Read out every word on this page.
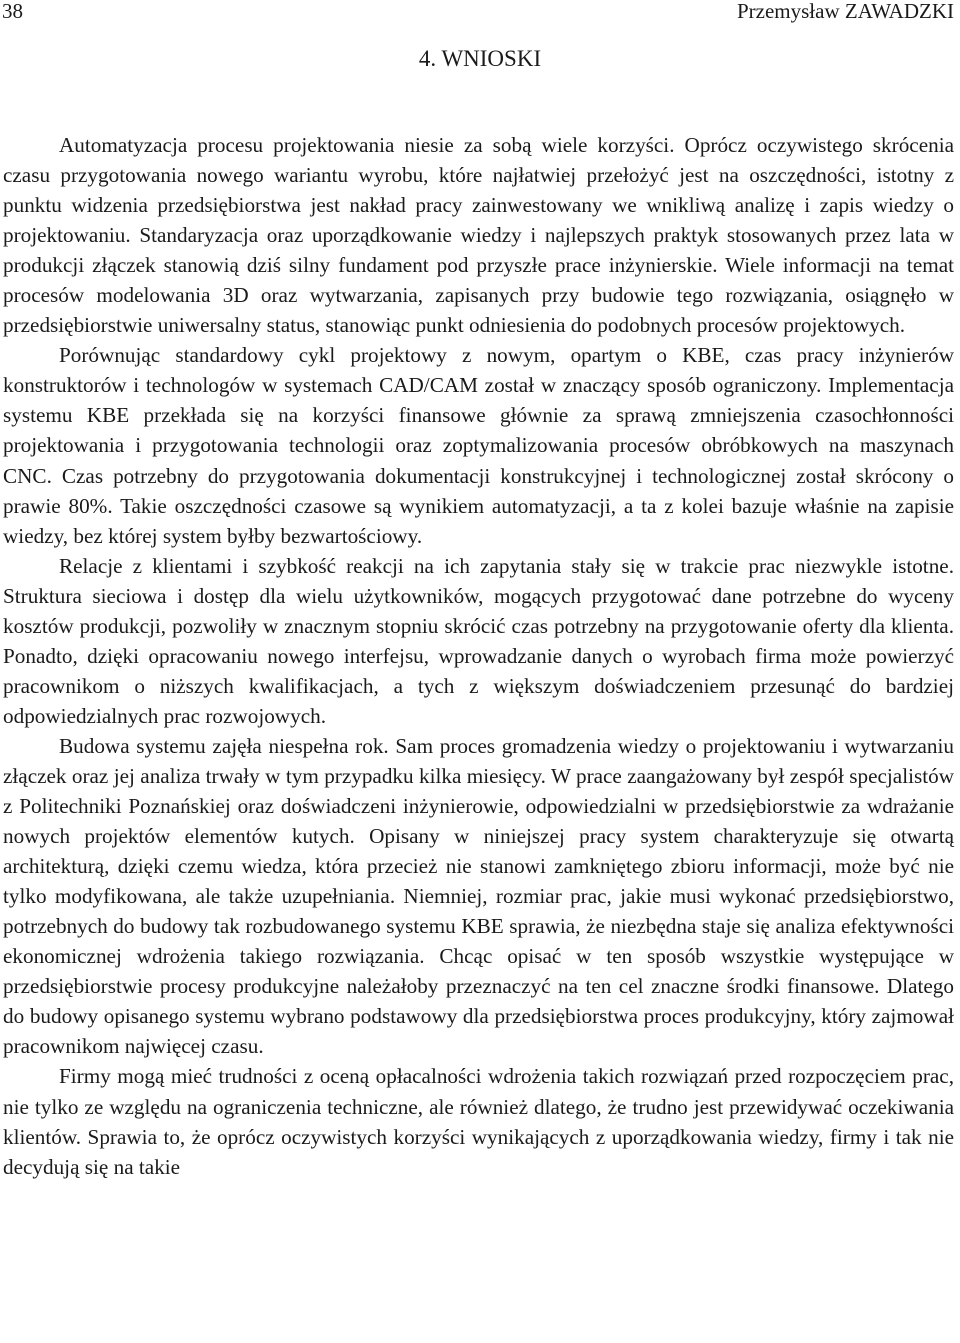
38	Przemysław ZAWADZKI
4. WNIOSKI

Automatyzacja procesu projektowania niesie za sobą wiele korzyści. Oprócz oczywistego skrócenia czasu przygotowania nowego wariantu wyrobu, które najłatwiej przełożyć jest na oszczędności, istotny z punktu widzenia przedsiębiorstwa jest nakład pracy zainwestowany we wnikliwą analizę i zapis wiedzy o projektowaniu. Standaryzacja oraz uporządkowanie wiedzy i najlepszych praktyk stosowanych przez lata w produkcji złączek stanowią dziś silny fundament pod przyszłe prace inżynierskie. Wiele informacji na temat procesów modelowania 3D oraz wytwarzania, zapisanych przy budowie tego rozwiązania, osiągnęło w przedsiębiorstwie uniwersalny status, stanowiąc punkt odniesienia do podobnych procesów projektowych.

Porównując standardowy cykl projektowy z nowym, opartym o KBE, czas pracy inżynierów konstruktorów i technologów w systemach CAD/CAM został w znaczący sposób ograniczony. Implementacja systemu KBE przekłada się na korzyści finansowe głównie za sprawą zmniejszenia czasochłonności projektowania i przygotowania technologii oraz zoptymalizowania procesów obróbkowych na maszynach CNC. Czas potrzebny do przygotowania dokumentacji konstrukcyjnej i technologicznej został skrócony o prawie 80%. Takie oszczędności czasowe są wynikiem automatyzacji, a ta z kolei bazuje właśnie na zapisie wiedzy, bez której system byłby bezwartościowy.

Relacje z klientami i szybkość reakcji na ich zapytania stały się w trakcie prac niezwykle istotne. Struktura sieciowa i dostęp dla wielu użytkowników, mogących przygotować dane potrzebne do wyceny kosztów produkcji, pozwoliły w znacznym stopniu skrócić czas potrzebny na przygotowanie oferty dla klienta. Ponadto, dzięki opracowaniu nowego interfejsu, wprowadzanie danych o wyrobach firma może powierzyć pracownikom o niższych kwalifikacjach, a tych z większym doświadczeniem przesunąć do bardziej odpowiedzialnych prac rozwojowych.

Budowa systemu zajęła niespełna rok. Sam proces gromadzenia wiedzy o projektowaniu i wytwarzaniu złączek oraz jej analiza trwały w tym przypadku kilka miesięcy. W prace zaangażowany był zespół specjalistów z Politechniki Poznańskiej oraz doświadczeni inżynierowie, odpowiedzialni w przedsiębiorstwie za wdrażanie nowych projektów elementów kutych. Opisany w niniejszej pracy system charakteryzuje się otwartą architekturą, dzięki czemu wiedza, która przecież nie stanowi zamkniętego zbioru informacji, może być nie tylko modyfikowana, ale także uzupełniania. Niemniej, rozmiar prac, jakie musi wykonać przedsiębiorstwo, potrzebnych do budowy tak rozbudowanego systemu KBE sprawia, że niezbędna staje się analiza efektywności ekonomicznej wdrożenia takiego rozwiązania. Chcąc opisać w ten sposób wszystkie występujące w przedsiębiorstwie procesy produkcyjne należałoby przeznaczyć na ten cel znaczne środki finansowe. Dlatego do budowy opisanego systemu wybrano podstawowy dla przedsiębiorstwa proces produkcyjny, który zajmował pracownikom najwięcej czasu.

Firmy mogą mieć trudności z oceną opłacalności wdrożenia takich rozwiązań przed rozpoczęciem prac, nie tylko ze względu na ograniczenia techniczne, ale również dlatego, że trudno jest przewidywać oczekiwania klientów. Sprawia to, że oprócz oczywistych korzyści wynikających z uporządkowania wiedzy, firmy i tak nie decydują się na takie
